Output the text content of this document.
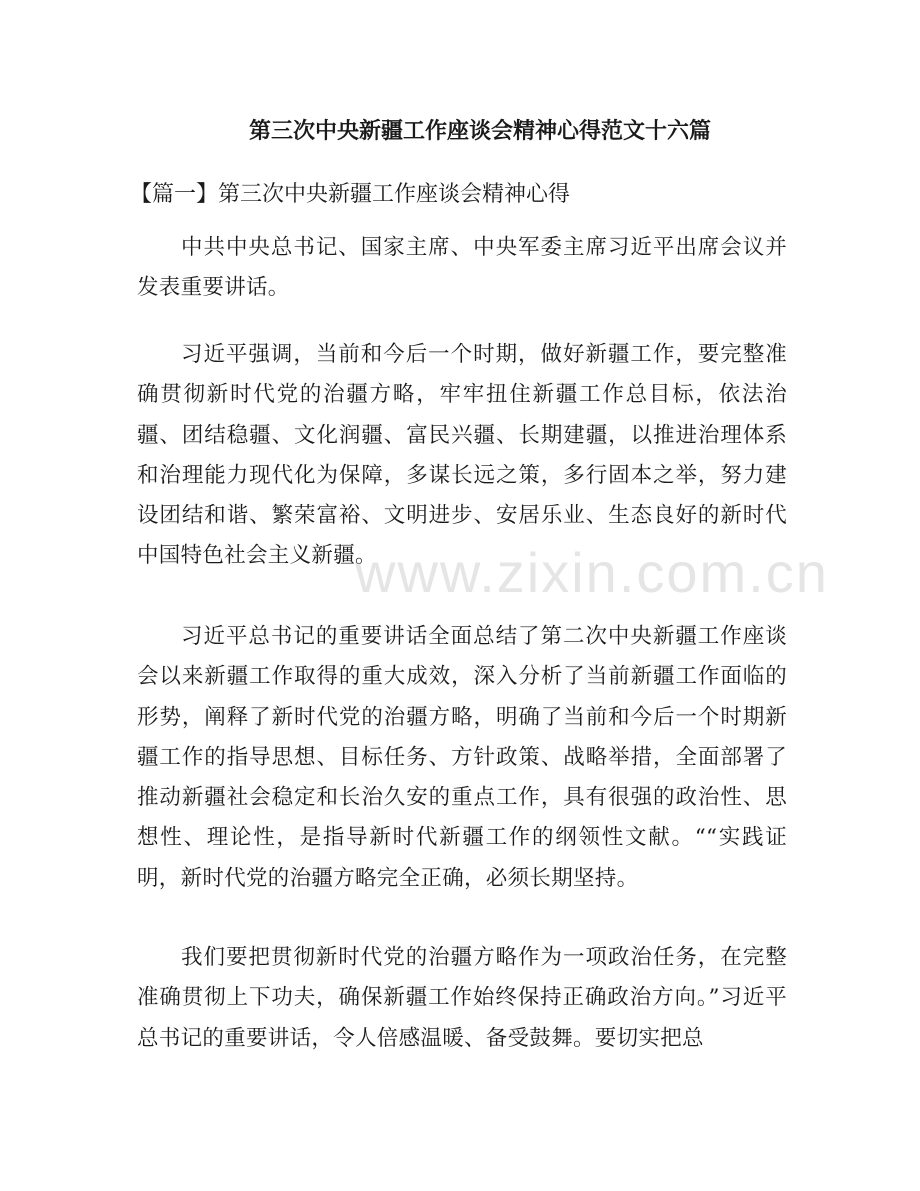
第三次中央新疆工作座谈会精神心得范文十六篇

【篇一】第三次中央新疆工作座谈会精神心得

中共中央总书记、国家主席、中央军委主席习近平出席会议并发表重要讲话。

习近平强调，当前和今后一个时期，做好新疆工作，要完整准确贯彻新时代党的治疆方略，牢牢扭住新疆工作总目标，依法治疆、团结稳疆、文化润疆、富民兴疆、长期建疆，以推进治理体系和治理能力现代化为保障，多谋长远之策，多行固本之举，努力建设团结和谐、繁荣富裕、文明进步、安居乐业、生态良好的新时代中国特色社会主义新疆。

习近平总书记的重要讲话全面总结了第二次中央新疆工作座谈会以来新疆工作取得的重大成效，深入分析了当前新疆工作面临的形势，阐释了新时代党的治疆方略，明确了当前和今后一个时期新疆工作的指导思想、目标任务、方针政策、战略举措，全面部署了推动新疆社会稳定和长治久安的重点工作，具有很强的政治性、思想性、理论性，是指导新时代新疆工作的纲领性文献。““实践证明，新时代党的治疆方略完全正确，必须长期坚持。

我们要把贯彻新时代党的治疆方略作为一项政治任务，在完整准确贯彻上下功夫，确保新疆工作始终保持正确政治方向。”习近平总书记的重要讲话，令人倍感温暖、备受鼓舞。要切实把总

www.zixin.com.cn
